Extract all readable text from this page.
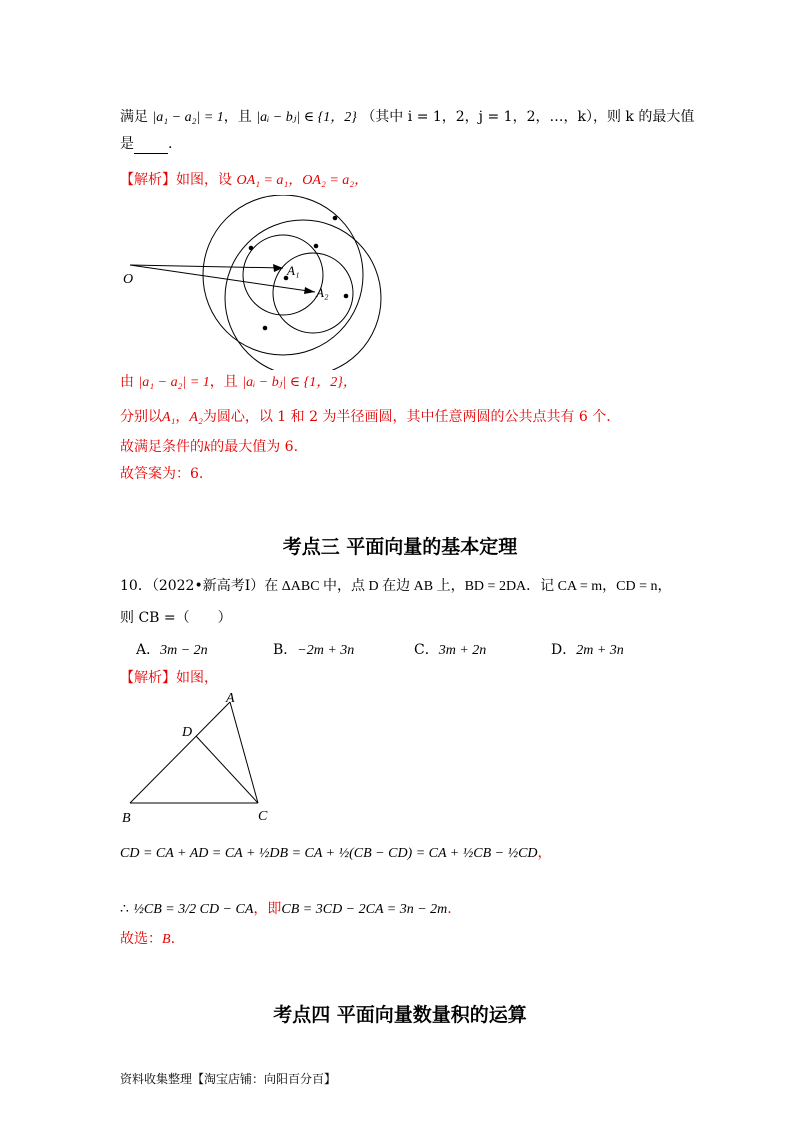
满足 |a₁ − a₂| = 1，且 |aᵢ − bⱼ| ∈ {1，2} （其中 i = 1，2，j = 1，2，…，k），则 k 的最大值
是 .
【解析】如图，设 OA₁ = a₁，OA₂ = a₂，
O
A₁
A₂
由 |a₁ − a₂| = 1，且 |aᵢ − bⱼ| ∈ {1，2}，
分别以A₁，A₂为圆心，以 1 和 2 为半径画圆，其中任意两圆的公共点共有 6 个.
故满足条件的k的最大值为 6.
故答案为：6.
考点三 平面向量的基本定理
10．（2022•新高考Ⅰ）在 ΔABC 中，点 D 在边 AB 上，BD = 2DA．记 CA = m，CD = n，
则 CB =（　　）
A．3m − 2n	B．−2m + 3n	C．3m + 2n	D．2m + 3n
【解析】如图，
A
D
B	C
CD = CA + AD = CA + ½DB = CA + ½(CB − CD) = CA + ½CB − ½CD，
∴ ½CB = 3/2 CD − CA，即CB = 3CD − 2CA = 3n − 2m.
故选：B.
考点四 平面向量数量积的运算
资料收集整理【淘宝店铺：向阳百分百】
